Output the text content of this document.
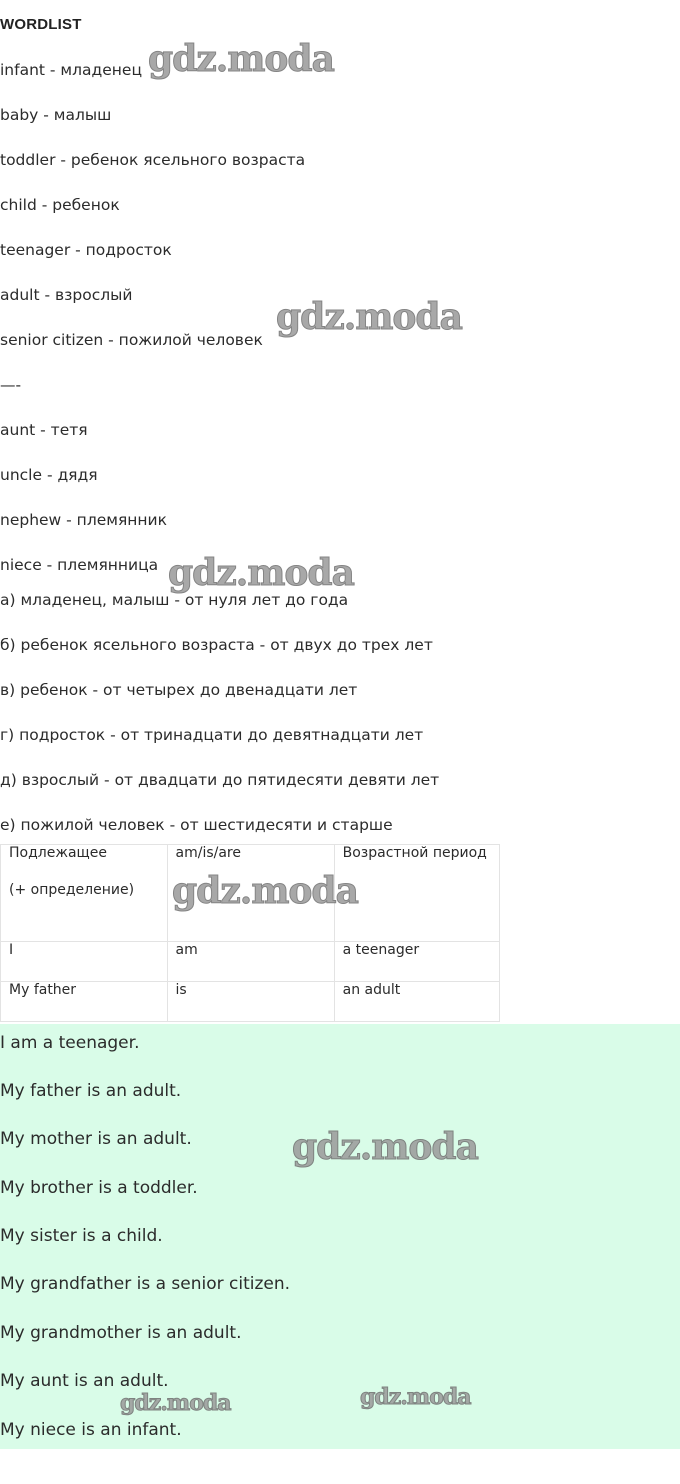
WORDLIST
infant - младенец
baby - малыш
toddler - ребенок ясельного возраста
child - ребенок
teenager - подросток
adult - взрослый
senior citizen - пожилой человек
—-
aunt - тетя
uncle - дядя
nephew - племянник
niece - племянница
а) младенец, малыш - от нуля лет до года
б) ребенок ясельного возраста - от двух до трех лет
в) ребенок - от четырех до двенадцати лет
г) подросток - от тринадцати до девятнадцати лет
д) взрослый - от двадцати до пятидесяти девяти лет
е) пожилой человек - от шестидесяти и старше
Подлежащее
(+ определение)	am/is/are	Возрастной период
I	am	a teenager
My father	is	an adult
I am a teenager.
My father is an adult.
My mother is an adult.
My brother is a toddler.
My sister is a child.
My grandfather is a senior citizen.
My grandmother is an adult.
My aunt is an adult.
My niece is an infant.
gdz.moda
gdz.moda
gdz.moda
gdz.moda
gdz.moda
gdz.moda	gdz.moda
